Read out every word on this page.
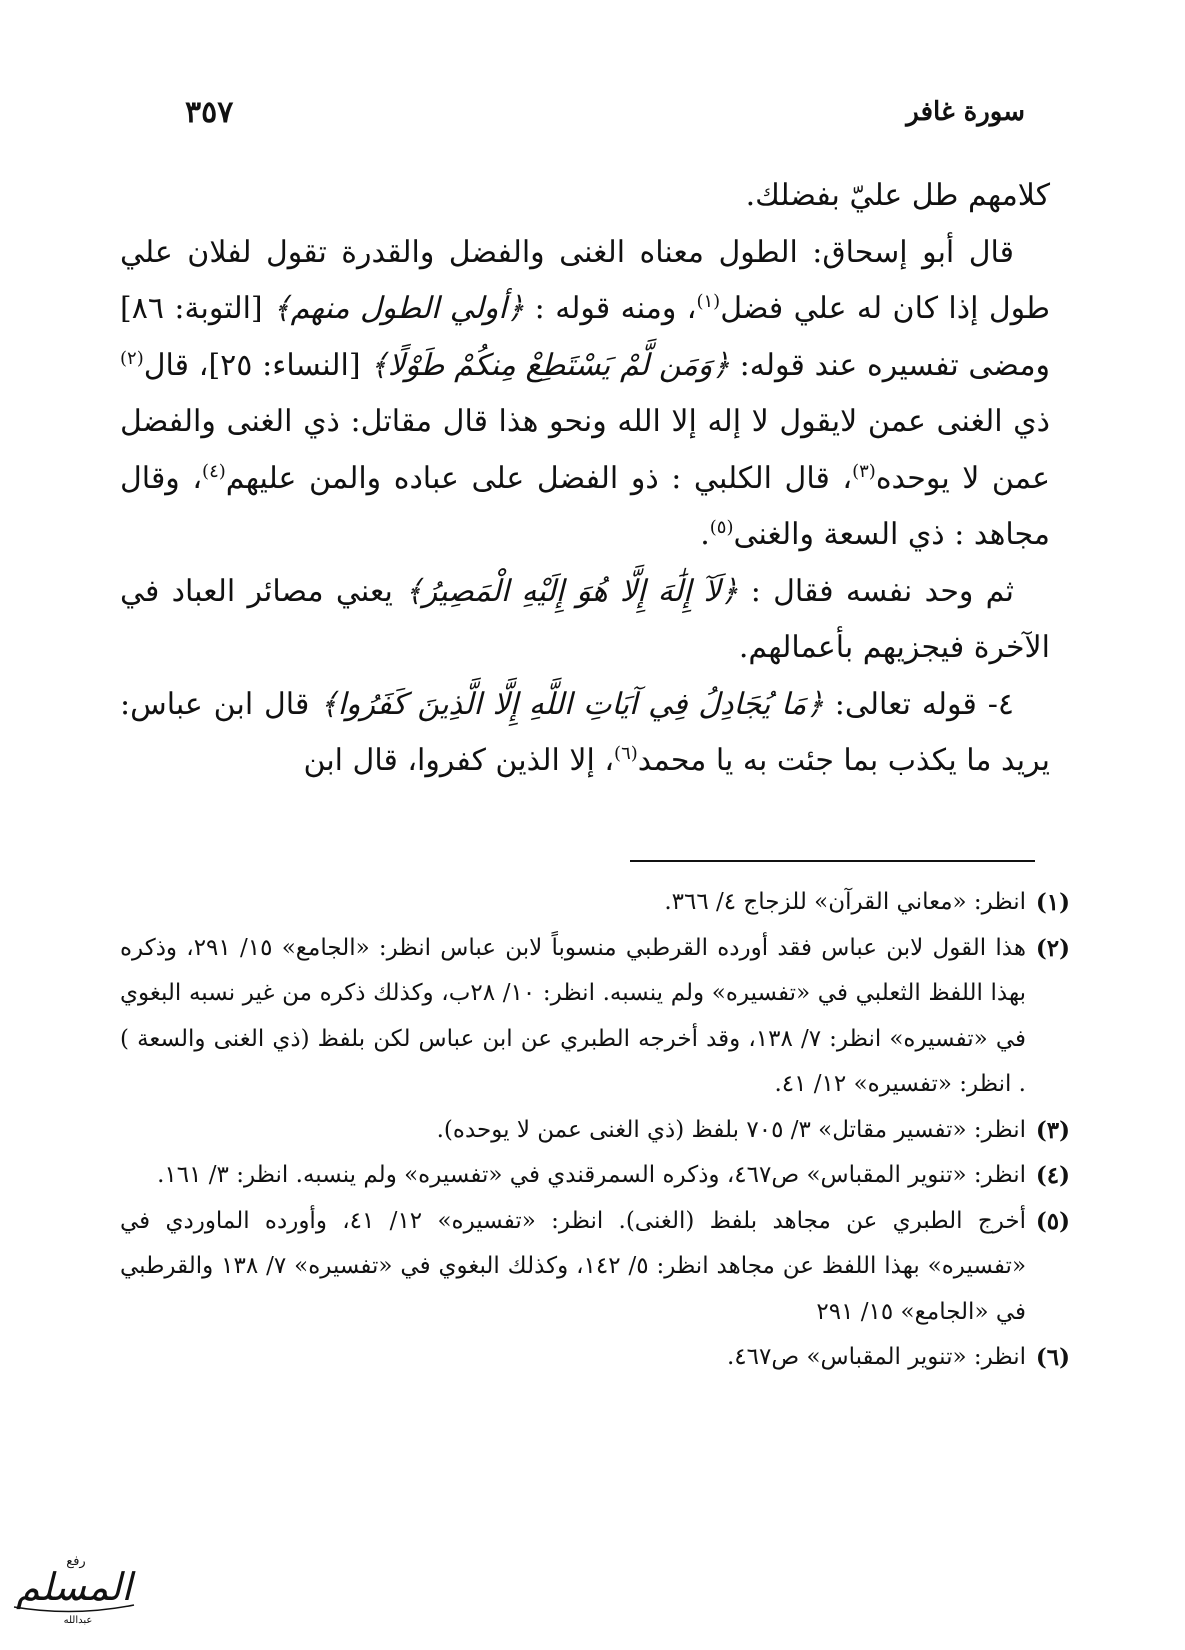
سورة غافر
٣٥٧

كلامهم طل عليّ بفضلك.

قال أبو إسحاق: الطول معناه الغنى والفضل والقدرة تقول لفلان علي طول إذا كان له علي فضل$^{(١)}$، ومنه قوله : ﴿أولي الطول منهم﴾ [التوبة: ٨٦] ومضى تفسيره عند قوله: ﴿وَمَن لَّمْ يَسْتَطِعْ مِنكُمْ طَوْلًا﴾ [النساء: ٢٥]، قال$^{(٢)}$ ذي الغنى عمن لايقول لا إله إلا الله ونحو هذا قال مقاتل: ذي الغنى والفضل عمن لا يوحده$^{(٣)}$، قال الكلبي : ذو الفضل على عباده والمن عليهم$^{(٤)}$، وقال مجاهد : ذي السعة والغنى$^{(٥)}$.

ثم وحد نفسه فقال : ﴿لَآ إِلَٰهَ إِلَّا هُوَ إِلَيْهِ الْمَصِيرُ﴾ يعني مصائر العباد في الآخرة فيجزيهم بأعمالهم.

٤- قوله تعالى: ﴿مَا يُجَادِلُ فِي آيَاتِ اللَّهِ إِلَّا الَّذِينَ كَفَرُوا﴾ قال ابن عباس: يريد ما يكذب بما جئت به يا محمد$^{(٦)}$، إلا الذين كفروا، قال ابن

(١)
انظر: «معاني القرآن» للزجاج ٤/ ٣٦٦.

(٢)
هذا القول لابن عباس فقد أورده القرطبي منسوباً لابن عباس انظر: «الجامع» ١٥/ ٢٩١، وذكره بهذا اللفظ الثعلبي في «تفسيره» ولم ينسبه. انظر: ١٠/ ٢٨ب، وكذلك ذكره من غير نسبه البغوي في «تفسيره» انظر: ٧/ ١٣٨، وقد أخرجه الطبري عن ابن عباس لكن بلفظ (ذي الغنى والسعة ) . انظر: «تفسيره» ١٢/ ٤١.

(٣)
انظر: «تفسير مقاتل» ٣/ ٧٠٥ بلفظ (ذي الغنى عمن لا يوحده).

(٤)
انظر: «تنوير المقباس» ص٤٦٧، وذكره السمرقندي في «تفسيره» ولم ينسبه. انظر: ٣/ ١٦١.

(٥)
أخرج الطبري عن مجاهد بلفظ (الغنى). انظر: «تفسيره» ١٢/ ٤١، وأورده الماوردي في «تفسيره» بهذا اللفظ عن مجاهد انظر: ٥/ ١٤٢، وكذلك البغوي في «تفسيره» ٧/ ١٣٨ والقرطبي في «الجامع» ١٥/ ٢٩١

(٦)
انظر: «تنوير المقباس» ص٤٦٧.

رفع
المسلم
عبدالله
